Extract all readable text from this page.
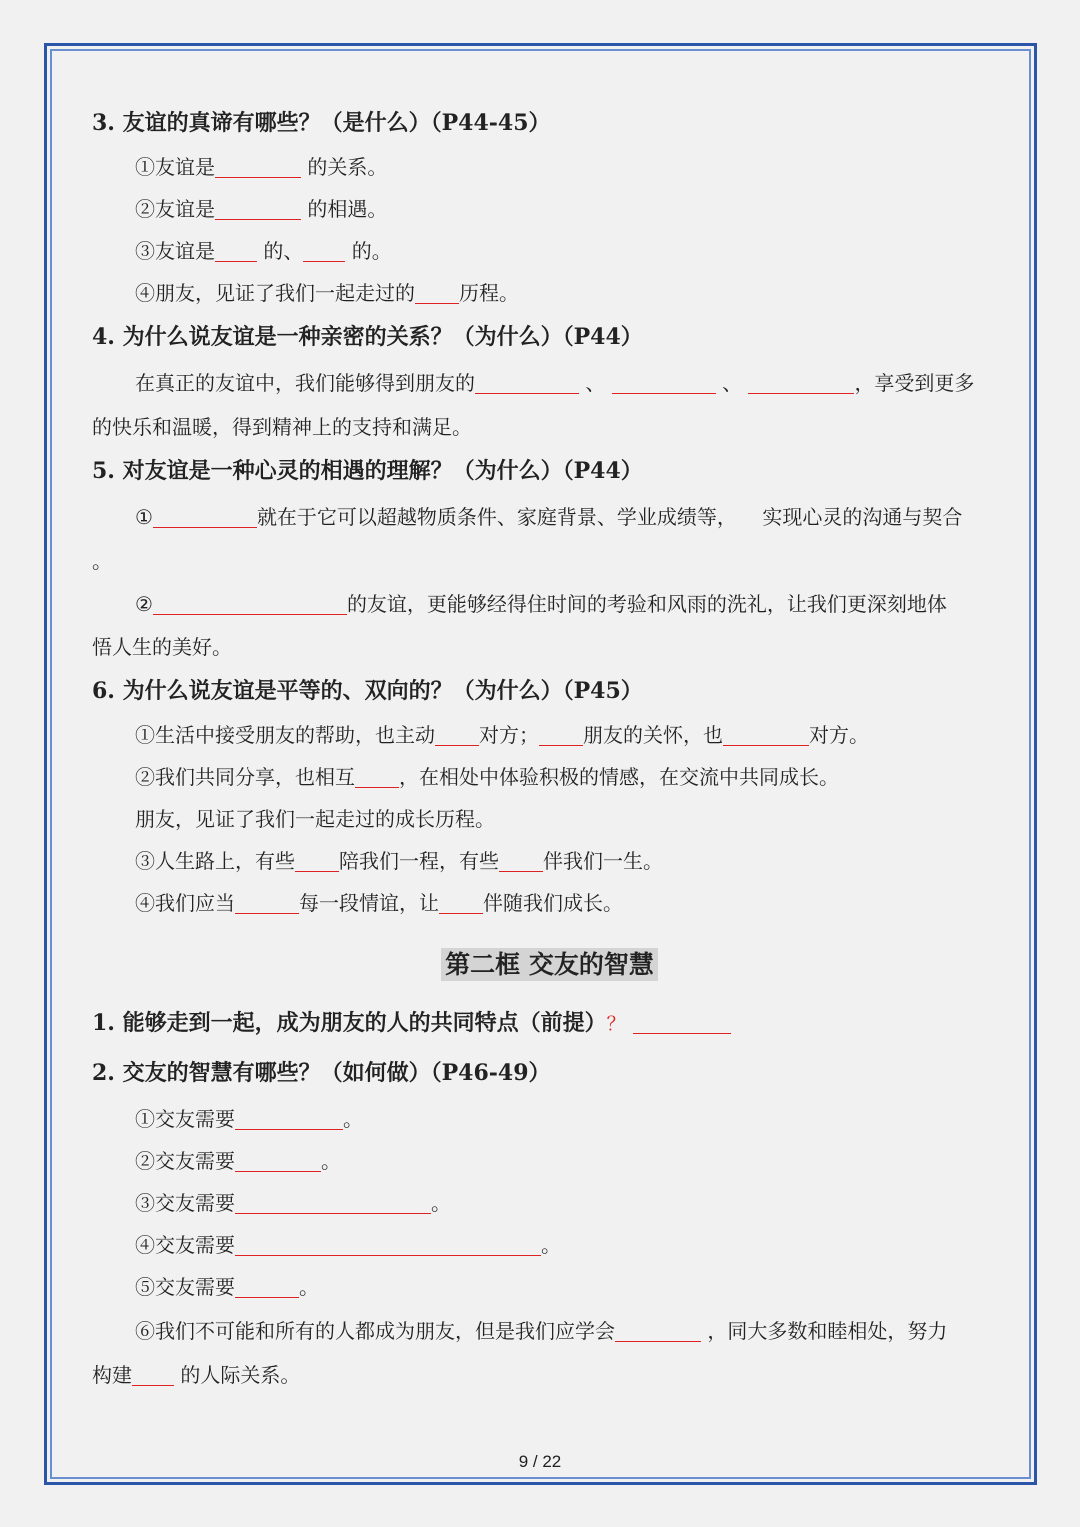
3. 友谊的真谛有哪些？（是什么）（P44-45）
①友谊是	的关系。
②友谊是	的相遇。
③友谊是 的、 的。
④朋友，见证了我们一起走过的 历程。
4. 为什么说友谊是一种亲密的关系？（为什么）（P44）
在真正的友谊中，我们能够得到朋友的	、	、	，享受到更多
的快乐和温暖，得到精神上的支持和满足。
5. 对友谊是一种心灵的相遇的理解？（为什么）（P44）
①	就在于它可以超越物质条件、家庭背景、学业成绩等， 实现心灵的沟通与契合
。
②	的友谊，更能够经得住时间的考验和风雨的洗礼，让我们更深刻地体
悟人生的美好。
6. 为什么说友谊是平等的、双向的？（为什么）（P45）
①生活中接受朋友的帮助，也主动 对方； 朋友的关怀，也	对方。
②我们共同分享，也相互 ，在相处中体验积极的情感，在交流中共同成长。
朋友，见证了我们一起走过的成长历程。
③人生路上，有些 陪我们一程，有些 伴我们一生。
④我们应当	每一段情谊，让 伴随我们成长。
第二框 交友的智慧
1. 能够走到一起，成为朋友的人的共同特点（前提）？
2. 交友的智慧有哪些？（如何做）（P46-49）
①交友需要	。
②交友需要	。
③交友需要	。
④交友需要	。
⑤交友需要	。
⑥我们不可能和所有的人都成为朋友，但是我们应学会	，同大多数和睦相处，努力
构建 的人际关系。
9 / 22
